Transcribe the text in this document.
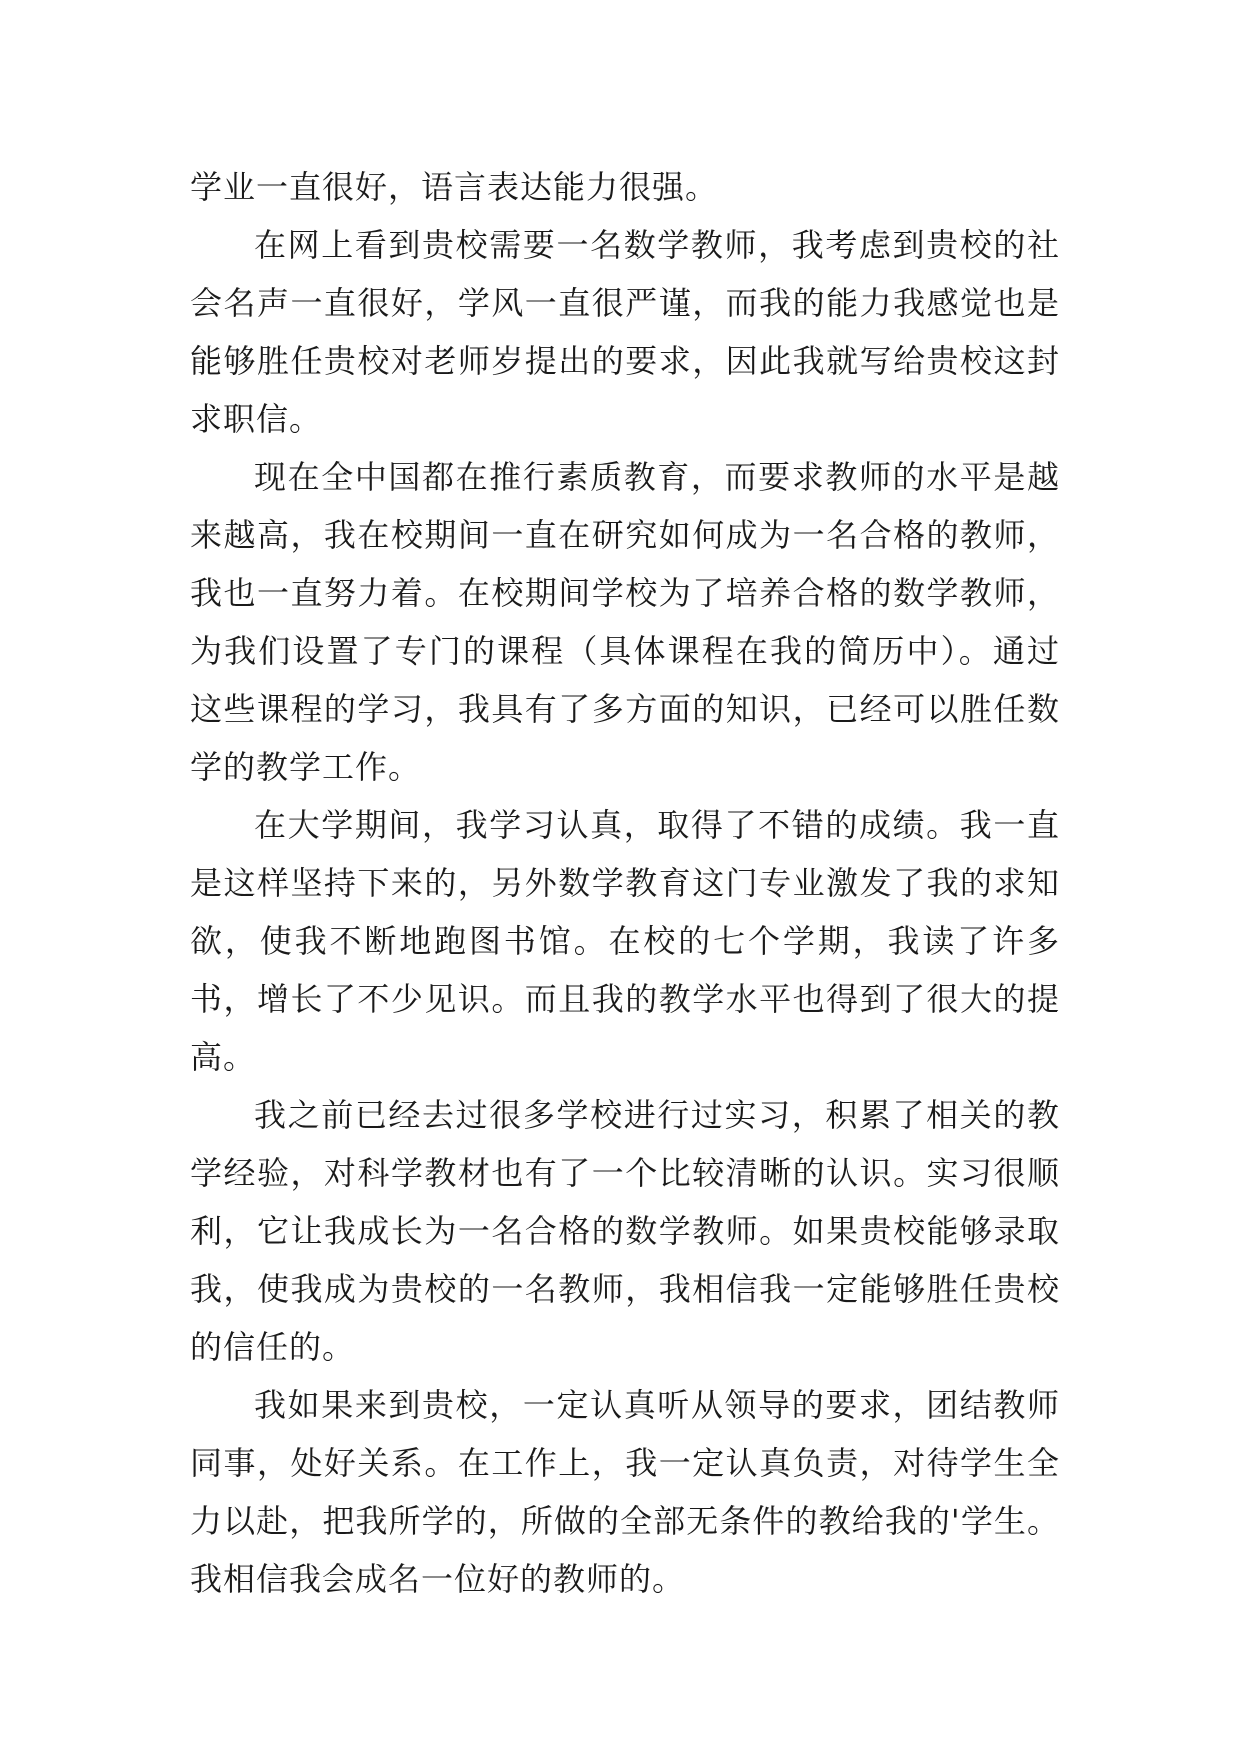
学业一直很好，语言表达能力很强。

在网上看到贵校需要一名数学教师，我考虑到贵校的社会名声一直很好，学风一直很严谨，而我的能力我感觉也是能够胜任贵校对老师岁提出的要求，因此我就写给贵校这封求职信。

现在全中国都在推行素质教育，而要求教师的水平是越来越高，我在校期间一直在研究如何成为一名合格的教师，我也一直努力着。在校期间学校为了培养合格的数学教师，为我们设置了专门的课程（具体课程在我的简历中）。通过这些课程的学习，我具有了多方面的知识，已经可以胜任数学的教学工作。

在大学期间，我学习认真，取得了不错的成绩。我一直是这样坚持下来的，另外数学教育这门专业激发了我的求知欲，使我不断地跑图书馆。在校的七个学期，我读了许多书，增长了不少见识。而且我的教学水平也得到了很大的提高。

我之前已经去过很多学校进行过实习，积累了相关的教学经验，对科学教材也有了一个比较清晰的认识。实习很顺利，它让我成长为一名合格的数学教师。如果贵校能够录取我，使我成为贵校的一名教师，我相信我一定能够胜任贵校的信任的。

我如果来到贵校，一定认真听从领导的要求，团结教师同事，处好关系。在工作上，我一定认真负责，对待学生全力以赴，把我所学的，所做的全部无条件的教给我的'学生。我相信我会成名一位好的教师的。
